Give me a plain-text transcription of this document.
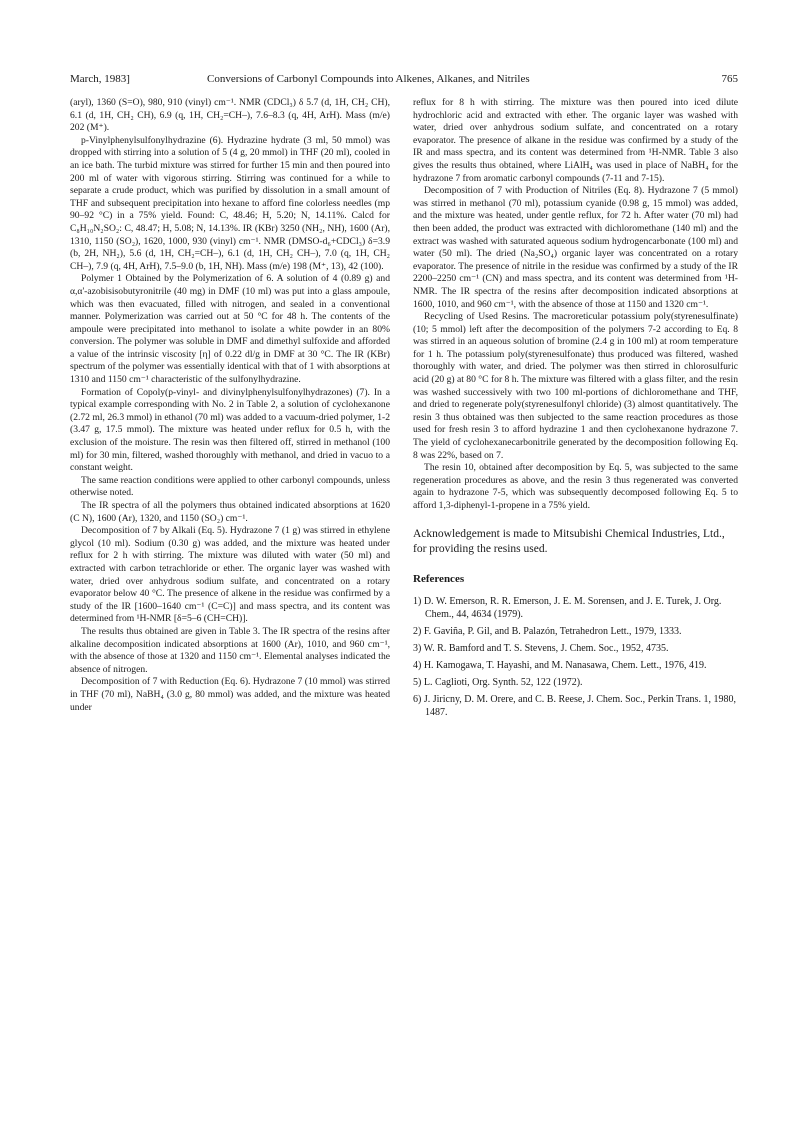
March, 1983]	Conversions of Carbonyl Compounds into Alkenes, Alkanes, and Nitriles	765

(aryl), 1360 (S=O), 980, 910 (vinyl) cm⁻¹. NMR (CDCl₃) δ 5.7 (d, 1H, CH₂ CH), 6.1 (d, 1H, CH₂ CH), 6.9 (q, 1H, CH₂=CH–), 7.6–8.3 (q, 4H, ArH). Mass (m/e) 202 (M⁺).

p-Vinylphenylsulfonylhydrazine (6). Hydrazine hydrate (3 ml, 50 mmol) was dropped with stirring into a solution of 5 (4 g, 20 mmol) in THF (20 ml), cooled in an ice bath. The turbid mixture was stirred for further 15 min and then poured into 200 ml of water with vigorous stirring. Stirring was continued for a while to separate a crude product, which was purified by dissolution in a small amount of THF and subsequent precipitation into hexane to afford fine colorless needles (mp 90–92 °C) in a 75% yield. Found: C, 48.46; H, 5.20; N, 14.11%. Calcd for C₈H₁₀N₂SO₂: C, 48.47; H, 5.08; N, 14.13%. IR (KBr) 3250 (NH₂, NH), 1600 (Ar), 1310, 1150 (SO₂), 1620, 1000, 930 (vinyl) cm⁻¹. NMR (DMSO-d₆+CDCl₃) δ=3.9 (b, 2H, NH₂), 5.6 (d, 1H, CH₂=CH–), 6.1 (d, 1H, CH₂ CH–), 7.0 (q, 1H, CH₂ CH–), 7.9 (q, 4H, ArH), 7.5–9.0 (b, 1H, NH). Mass (m/e) 198 (M⁺, 13), 42 (100).

Polymer 1 Obtained by the Polymerization of 6. A solution of 4 (0.89 g) and α,α'-azobisisobutyronitrile (40 mg) in DMF (10 ml) was put into a glass ampoule, which was then evacuated, filled with nitrogen, and sealed in a conventional manner. Polymerization was carried out at 50 °C for 48 h. The contents of the ampoule were precipitated into methanol to isolate a white powder in an 80% conversion. The polymer was soluble in DMF and dimethyl sulfoxide and afforded a value of the intrinsic viscosity [η] of 0.22 dl/g in DMF at 30 °C. The IR (KBr) spectrum of the polymer was essentially identical with that of 1 with absorptions at 1310 and 1150 cm⁻¹ characteristic of the sulfonylhydrazine.

Formation of Copoly(p-vinyl- and divinylphenylsulfonylhydrazones) (7). In a typical example corresponding with No. 2 in Table 2, a solution of cyclohexanone (2.72 ml, 26.3 mmol) in ethanol (70 ml) was added to a vacuum-dried polymer, 1-2 (3.47 g, 17.5 mmol). The mixture was heated under reflux for 0.5 h, with the exclusion of the moisture. The resin was then filtered off, stirred in methanol (100 ml) for 30 min, filtered, washed thoroughly with methanol, and dried in vacuo to a constant weight.

The same reaction conditions were applied to other carbonyl compounds, unless otherwise noted.

The IR spectra of all the polymers thus obtained indicated absorptions at 1620 (C N), 1600 (Ar), 1320, and 1150 (SO₂) cm⁻¹.

Decomposition of 7 by Alkali (Eq. 5). Hydrazone 7 (1 g) was stirred in ethylene glycol (10 ml). Sodium (0.30 g) was added, and the mixture was heated under reflux for 2 h with stirring. The mixture was diluted with water (50 ml) and extracted with carbon tetrachloride or ether. The organic layer was washed with water, dried over anhydrous sodium sulfate, and concentrated on a rotary evaporator below 40 °C. The presence of alkene in the residue was confirmed by a study of the IR [1600–1640 cm⁻¹ (C=C)] and mass spectra, and its content was determined from ¹H-NMR [δ=5–6 (CH=CH)].

The results thus obtained are given in Table 3. The IR spectra of the resins after alkaline decomposition indicated absorptions at 1600 (Ar), 1010, and 960 cm⁻¹, with the absence of those at 1320 and 1150 cm⁻¹. Elemental analyses indicated the absence of nitrogen.

Decomposition of 7 with Reduction (Eq. 6). Hydrazone 7 (10 mmol) was stirred in THF (70 ml), NaBH₄ (3.0 g, 80 mmol) was added, and the mixture was heated under

reflux for 8 h with stirring. The mixture was then poured into iced dilute hydrochloric acid and extracted with ether. The organic layer was washed with water, dried over anhydrous sodium sulfate, and concentrated on a rotary evaporator. The presence of alkane in the residue was confirmed by a study of the IR and mass spectra, and its content was determined from ¹H-NMR. Table 3 also gives the results thus obtained, where LiAlH₄ was used in place of NaBH₄ for the hydrazone 7 from aromatic carbonyl compounds (7-11 and 7-15).

Decomposition of 7 with Production of Nitriles (Eq. 8). Hydrazone 7 (5 mmol) was stirred in methanol (70 ml), potassium cyanide (0.98 g, 15 mmol) was added, and the mixture was heated, under gentle reflux, for 72 h. After water (70 ml) had then been added, the product was extracted with dichloromethane (140 ml) and the extract was washed with saturated aqueous sodium hydrogencarbonate (100 ml) and water (50 ml). The dried (Na₂SO₄) organic layer was concentrated on a rotary evaporator. The presence of nitrile in the residue was confirmed by a study of the IR 2200–2250 cm⁻¹ (CN) and mass spectra, and its content was determined from ¹H-NMR. The IR spectra of the resins after decomposition indicated absorptions at 1600, 1010, and 960 cm⁻¹, with the absence of those at 1150 and 1320 cm⁻¹.

Recycling of Used Resins. The macroreticular potassium poly(styrenesulfinate) (10; 5 mmol) left after the decomposition of the polymers 7-2 according to Eq. 8 was stirred in an aqueous solution of bromine (2.4 g in 100 ml) at room temperature for 1 h. The potassium poly(styrenesulfonate) thus produced was filtered, washed thoroughly with water, and dried. The polymer was then stirred in chlorosulfuric acid (20 g) at 80 °C for 8 h. The mixture was filtered with a glass filter, and the resin was washed successively with two 100 ml-portions of dichloromethane and THF, and dried to regenerate poly(styrenesulfonyl chloride) (3) almost quantitatively. The resin 3 thus obtained was then subjected to the same reaction procedures as those used for fresh resin 3 to afford hydrazine 1 and then cyclohexanone hydrazone 7. The yield of cyclohexanecarbonitrile generated by the decomposition following Eq. 8 was 22%, based on 7.

The resin 10, obtained after decomposition by Eq. 5, was subjected to the same regeneration procedures as above, and the resin 3 thus regenerated was converted again to hydrazone 7-5, which was subsequently decomposed following Eq. 5 to afford 1,3-diphenyl-1-propene in a 75% yield.

Acknowledgement is made to Mitsubishi Chemical Industries, Ltd., for providing the resins used.

References

1) D. W. Emerson, R. R. Emerson, J. E. M. Sorensen, and J. E. Turek, J. Org. Chem., 44, 4634 (1979).
2) F. Gaviña, P. Gil, and B. Palazón, Tetrahedron Lett., 1979, 1333.
3) W. R. Bamford and T. S. Stevens, J. Chem. Soc., 1952, 4735.
4) H. Kamogawa, T. Hayashi, and M. Nanasawa, Chem. Lett., 1976, 419.
5) L. Caglioti, Org. Synth. 52, 122 (1972).
6) J. Jiricny, D. M. Orere, and C. B. Reese, J. Chem. Soc., Perkin Trans. 1, 1980, 1487.
